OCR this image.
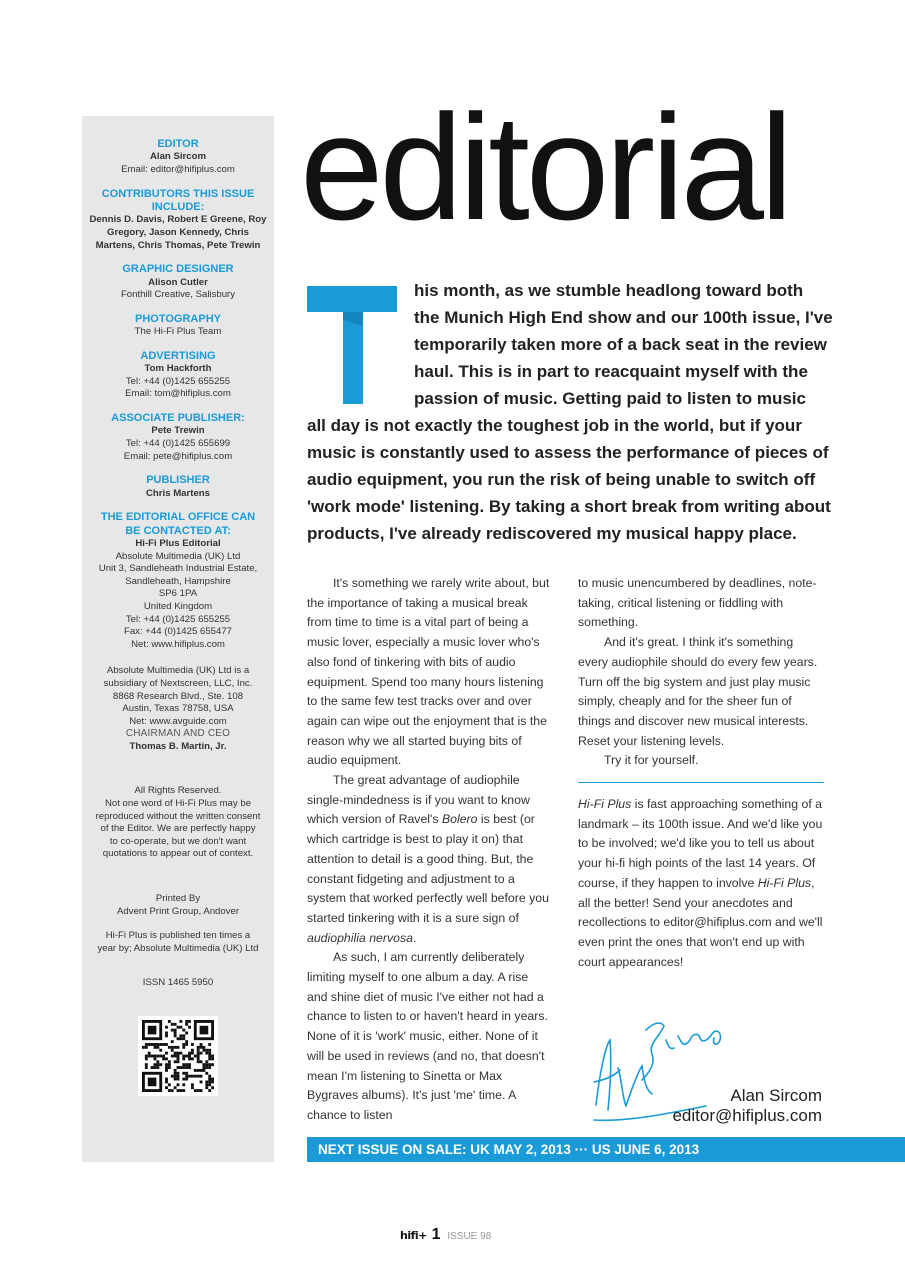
EDITOR
Alan Sircom
Email: editor@hifiplus.com
CONTRIBUTORS THIS ISSUE INCLUDE:
Dennis D. Davis, Robert E Greene, Roy Gregory, Jason Kennedy, Chris Martens, Chris Thomas, Pete Trewin
GRAPHIC DESIGNER
Alison Cutler
Fonthill Creative, Salisbury
PHOTOGRAPHY
The Hi-Fi Plus Team
ADVERTISING
Tom Hackforth
Tel: +44 (0)1425 655255
Email: tom@hifiplus.com
ASSOCIATE PUBLISHER:
Pete Trewin
Tel: +44 (0)1425 655699
Email: pete@hifiplus.com
PUBLISHER
Chris Martens
THE EDITORIAL OFFICE CAN BE CONTACTED AT:
Hi-Fi Plus Editorial
Absolute Multimedia (UK) Ltd
Unit 3, Sandleheath Industrial Estate,
Sandleheath, Hampshire
SP6 1PA
United Kingdom
Tel: +44 (0)1425 655255
Fax: +44 (0)1425 655477
Net: www.hifiplus.com
Absolute Multimedia (UK) Ltd is a
subsidiary of Nextscreen, LLC, Inc.
8868 Research Blvd., Ste. 108
Austin, Texas 78758, USA
Net: www.avguide.com
CHAIRMAN AND CEO
Thomas B. Martin, Jr.
All Rights Reserved.
Not one word of Hi-Fi Plus may be
reproduced without the written consent
of the Editor. We are perfectly happy
to co-operate, but we don't want
quotations to appear out of context.
Printed By
Advent Print Group, Andover
Hi-Fi Plus is published ten times a
year by; Absolute Multimedia (UK) Ltd
ISSN 1465 5950
editorial
his month, as we stumble headlong toward both
the Munich High End show and our 100th issue, I've
temporarily taken more of a back seat in the review
haul. This is in part to reacquaint myself with the
passion of music. Getting paid to listen to music
all day is not exactly the toughest job in the world, but if your
music is constantly used to assess the performance of pieces of
audio equipment, you run the risk of being unable to switch off
'work mode' listening. By taking a short break from writing about
products, I've already rediscovered my musical happy place.

It's something we rarely write about, but the importance of taking a musical break from time to time is a vital part of being a music lover, especially a music lover who's also fond of tinkering with bits of audio equipment. Spend too many hours listening to the same few test tracks over and over again can wipe out the enjoyment that is the reason why we all started buying bits of audio equipment.

The great advantage of audiophile single-mindedness is if you want to know which version of Ravel's Bolero is best (or which cartridge is best to play it on) that attention to detail is a good thing. But, the constant fidgeting and adjustment to a system that worked perfectly well before you started tinkering with it is a sure sign of audiophilia nervosa.

As such, I am currently deliberately limiting myself to one album a day. A rise and shine diet of music I've either not had a chance to listen to or haven't heard in years. None of it is 'work' music, either. None of it will be used in reviews (and no, that doesn't mean I'm listening to Sinetta or Max Bygraves albums). It's just 'me' time. A chance to listen

to music unencumbered by deadlines, note-taking, critical listening or fiddling with something.

And it's great. I think it's something every audiophile should do every few years. Turn off the big system and just play music simply, cheaply and for the sheer fun of things and discover new musical interests. Reset your listening levels.

Try it for yourself.

Hi-Fi Plus is fast approaching something of a landmark – its 100th issue. And we'd like you to be involved; we'd like you to tell us about your hi-fi high points of the last 14 years. Of course, if they happen to involve Hi-Fi Plus, all the better! Send your anecdotes and recollections to editor@hifiplus.com and we'll even print the ones that won't end up with court appearances!

Alan Sircom
editor@hifiplus.com
NEXT ISSUE ON SALE: UK MAY 2, 2013 ··· US JUNE 6, 2013
hifi+ 1 ISSUE 98
